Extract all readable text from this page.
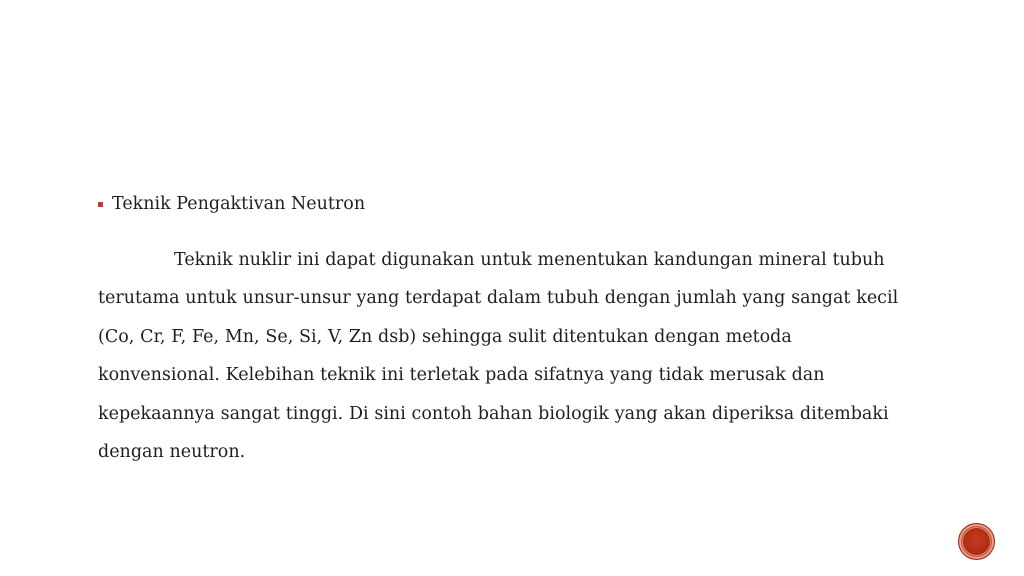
Teknik Pengaktivan Neutron
Teknik nuklir ini dapat digunakan untuk menentukan kandungan mineral tubuh terutama untuk unsur-unsur yang terdapat dalam tubuh dengan jumlah yang sangat kecil (Co, Cr, F, Fe, Mn, Se, Si, V, Zn dsb) sehingga sulit ditentukan dengan metoda konvensional. Kelebihan teknik ini terletak pada sifatnya yang tidak merusak dan kepekaannya sangat tinggi. Di sini contoh bahan biologik yang akan diperiksa ditembaki dengan neutron.
